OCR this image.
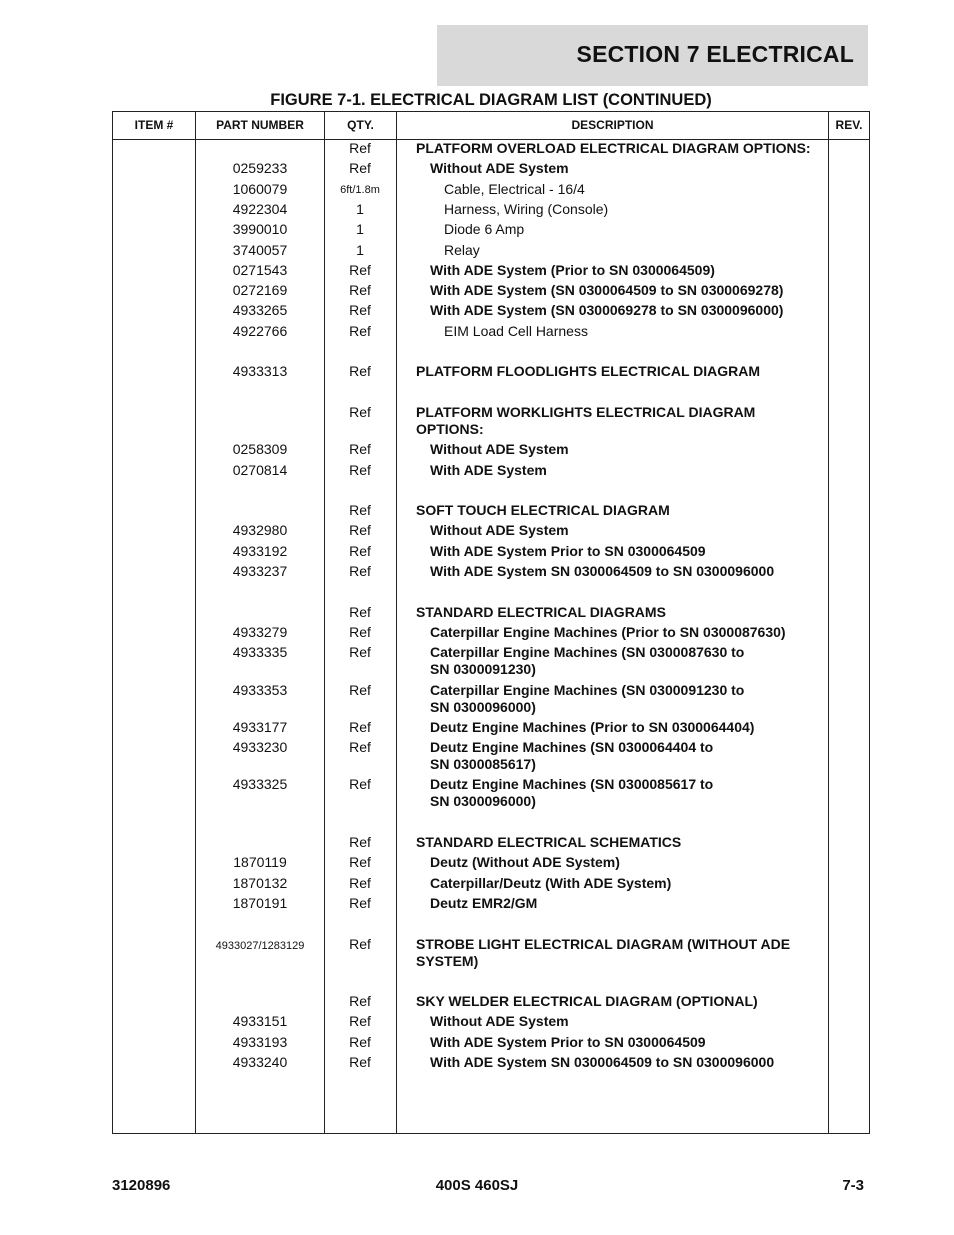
SECTION 7 ELECTRICAL
FIGURE 7-1. ELECTRICAL DIAGRAM LIST (CONTINUED)
ITEM #	PART NUMBER	QTY.	DESCRIPTION	REV.
Ref	PLATFORM OVERLOAD ELECTRICAL DIAGRAM OPTIONS:
0259233	Ref	Without ADE System
1060079	6ft/1.8m	Cable, Electrical - 16/4
4922304	1	Harness, Wiring (Console)
3990010	1	Diode 6 Amp
3740057	1	Relay
0271543	Ref	With ADE System (Prior to SN 0300064509)
0272169	Ref	With ADE System (SN 0300064509 to SN 0300069278)
4933265	Ref	With ADE System (SN 0300069278 to SN 0300096000)
4922766	Ref	EIM Load Cell Harness
4933313	Ref	PLATFORM FLOODLIGHTS ELECTRICAL DIAGRAM
Ref	PLATFORM WORKLIGHTS ELECTRICAL DIAGRAM
OPTIONS:
0258309	Ref	Without ADE System
0270814	Ref	With ADE System
Ref	SOFT TOUCH ELECTRICAL DIAGRAM
4932980	Ref	Without ADE System
4933192	Ref	With ADE System Prior to SN 0300064509
4933237	Ref	With ADE System SN 0300064509 to SN 0300096000
Ref	STANDARD ELECTRICAL DIAGRAMS
4933279	Ref	Caterpillar Engine Machines (Prior to SN 0300087630)
4933335	Ref	Caterpillar Engine Machines (SN 0300087630 to
SN 0300091230)
4933353	Ref	Caterpillar Engine Machines (SN 0300091230 to
SN 0300096000)
4933177	Ref	Deutz Engine Machines (Prior to SN 0300064404)
4933230	Ref	Deutz Engine Machines (SN 0300064404 to
SN 0300085617)
4933325	Ref	Deutz Engine Machines (SN 0300085617 to
SN 0300096000)
Ref	STANDARD ELECTRICAL SCHEMATICS
1870119	Ref	Deutz (Without ADE System)
1870132	Ref	Caterpillar/Deutz (With ADE System)
1870191	Ref	Deutz EMR2/GM
4933027/1283129	Ref	STROBE LIGHT ELECTRICAL DIAGRAM (WITHOUT ADE
SYSTEM)
Ref	SKY WELDER ELECTRICAL DIAGRAM (OPTIONAL)
4933151	Ref	Without ADE System
4933193	Ref	With ADE System Prior to SN 0300064509
4933240	Ref	With ADE System SN 0300064509 to SN 0300096000
3120896	400S 460SJ	7-3
